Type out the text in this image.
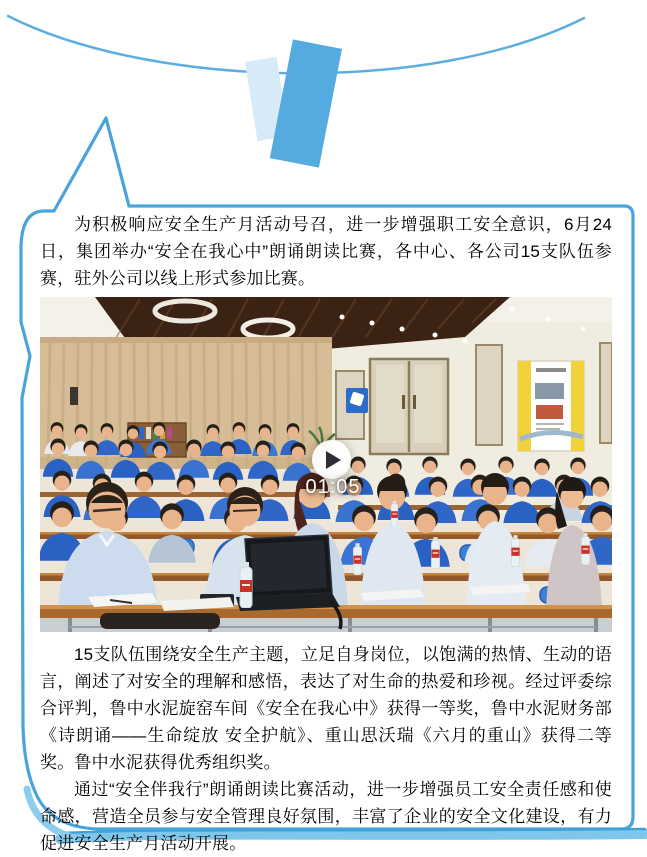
为积极响应安全生产月活动号召，进一步增强职工安全意识，6月24日，集团举办“安全在我心中”朗诵朗读比赛，各中心、各公司15支队伍参赛，驻外公司以线上形式参加比赛。

01:05

15支队伍围绕安全生产主题，立足自身岗位，以饱满的热情、生动的语言，阐述了对安全的理解和感悟，表达了对生命的热爱和珍视。经过评委综合评判，鲁中水泥旋窑车间《安全在我心中》获得一等奖，鲁中水泥财务部《诗朗诵——生命绽放 安全护航》、重山思沃瑞《六月的重山》获得二等奖。鲁中水泥获得优秀组织奖。

通过“安全伴我行”朗诵朗读比赛活动，进一步增强员工安全责任感和使命感，营造全员参与安全管理良好氛围，丰富了企业的安全文化建设，有力促进安全生产月活动开展。
